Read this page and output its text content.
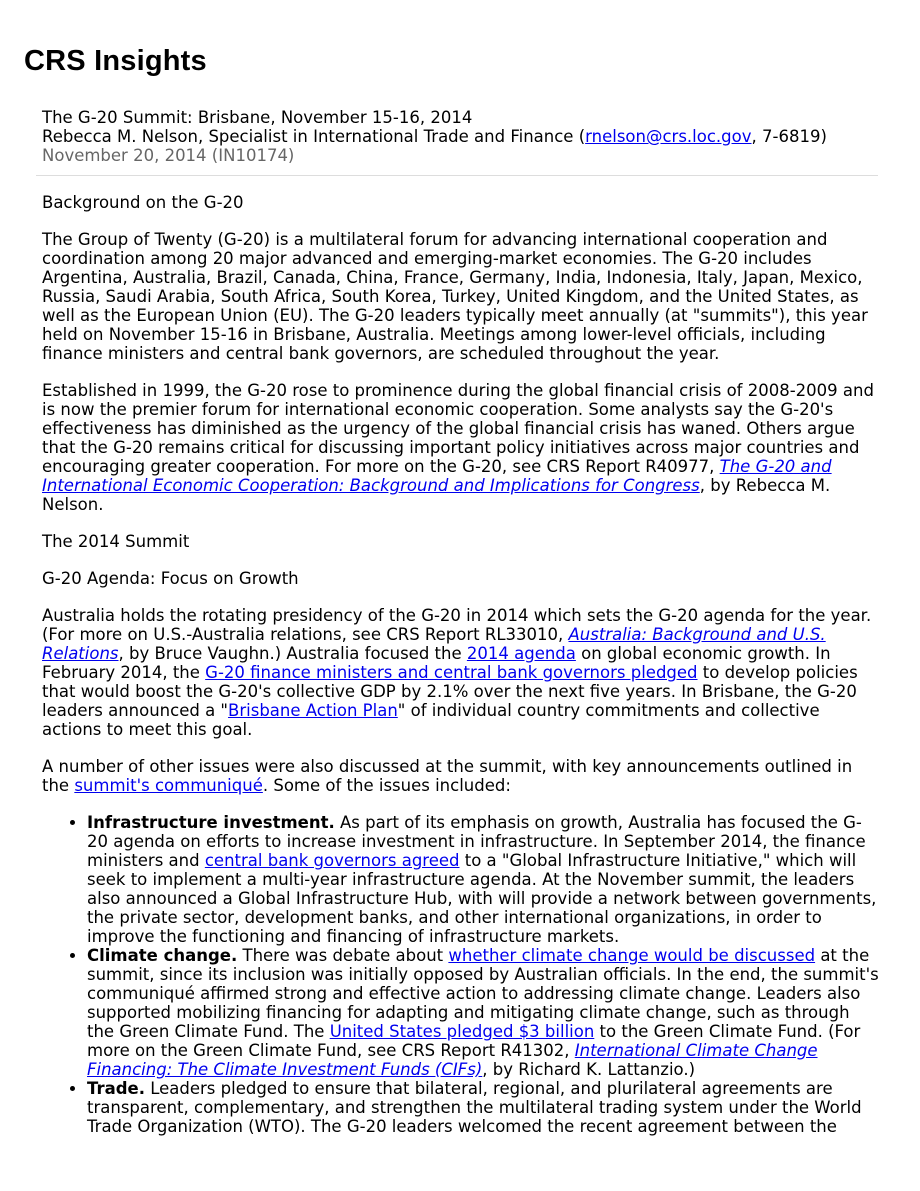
CRS Insights
The G-20 Summit: Brisbane, November 15-16, 2014
Rebecca M. Nelson, Specialist in International Trade and Finance (rnelson@crs.loc.gov, 7-6819)
November 20, 2014 (IN10174)

Background on the G-20

The Group of Twenty (G-20) is a multilateral forum for advancing international cooperation and coordination among 20 major advanced and emerging-market economies. The G-20 includes Argentina, Australia, Brazil, Canada, China, France, Germany, India, Indonesia, Italy, Japan, Mexico, Russia, Saudi Arabia, South Africa, South Korea, Turkey, United Kingdom, and the United States, as well as the European Union (EU). The G-20 leaders typically meet annually (at "summits"), this year held on November 15-16 in Brisbane, Australia. Meetings among lower-level officials, including finance ministers and central bank governors, are scheduled throughout the year.

Established in 1999, the G-20 rose to prominence during the global financial crisis of 2008-2009 and is now the premier forum for international economic cooperation. Some analysts say the G-20's effectiveness has diminished as the urgency of the global financial crisis has waned. Others argue that the G-20 remains critical for discussing important policy initiatives across major countries and encouraging greater cooperation. For more on the G-20, see CRS Report R40977, The G-20 and International Economic Cooperation: Background and Implications for Congress, by Rebecca M. Nelson.

The 2014 Summit

G-20 Agenda: Focus on Growth

Australia holds the rotating presidency of the G-20 in 2014 which sets the G-20 agenda for the year. (For more on U.S.-Australia relations, see CRS Report RL33010, Australia: Background and U.S. Relations, by Bruce Vaughn.) Australia focused the 2014 agenda on global economic growth. In February 2014, the G-20 finance ministers and central bank governors pledged to develop policies that would boost the G-20's collective GDP by 2.1% over the next five years. In Brisbane, the G-20 leaders announced a "Brisbane Action Plan" of individual country commitments and collective actions to meet this goal.

A number of other issues were also discussed at the summit, with key announcements outlined in the summit's communiqué. Some of the issues included:

• Infrastructure investment. As part of its emphasis on growth, Australia has focused the G-20 agenda on efforts to increase investment in infrastructure. In September 2014, the finance ministers and central bank governors agreed to a "Global Infrastructure Initiative," which will seek to implement a multi-year infrastructure agenda. At the November summit, the leaders also announced a Global Infrastructure Hub, with will provide a network between governments, the private sector, development banks, and other international organizations, in order to improve the functioning and financing of infrastructure markets.
• Climate change. There was debate about whether climate change would be discussed at the summit, since its inclusion was initially opposed by Australian officials. In the end, the summit's communiqué affirmed strong and effective action to addressing climate change. Leaders also supported mobilizing financing for adapting and mitigating climate change, such as through the Green Climate Fund. The United States pledged $3 billion to the Green Climate Fund. (For more on the Green Climate Fund, see CRS Report R41302, International Climate Change Financing: The Climate Investment Funds (CIFs), by Richard K. Lattanzio.)
• Trade. Leaders pledged to ensure that bilateral, regional, and plurilateral agreements are transparent, complementary, and strengthen the multilateral trading system under the World Trade Organization (WTO). The G-20 leaders welcomed the recent agreement between the
